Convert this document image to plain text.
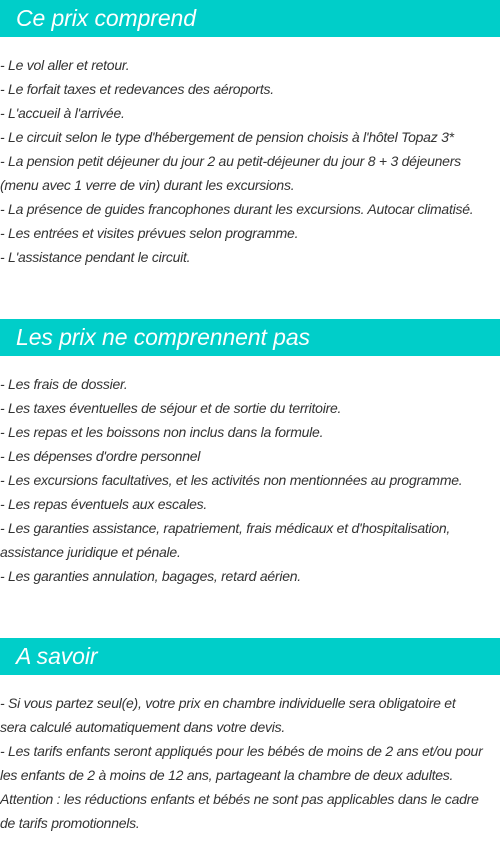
Ce prix comprend
- Le vol aller et retour.
- Le forfait taxes et redevances des aéroports.
- L'accueil à l'arrivée.
- Le circuit selon le type d'hébergement de pension choisis à l'hôtel Topaz 3*
- La pension petit déjeuner du jour 2 au petit-déjeuner du jour 8 + 3 déjeuners
(menu avec 1 verre de vin) durant les excursions.
- La présence de guides francophones durant les excursions. Autocar climatisé.
- Les entrées et visites prévues selon programme.
- L'assistance pendant le circuit.
Les prix ne comprennent pas
- Les frais de dossier.
- Les taxes éventuelles de séjour et de sortie du territoire.
- Les repas et les boissons non inclus dans la formule.
- Les dépenses d'ordre personnel
- Les excursions facultatives, et les activités non mentionnées au programme.
- Les repas éventuels aux escales.
- Les garanties assistance, rapatriement, frais médicaux et d'hospitalisation,
assistance juridique et pénale.
- Les garanties annulation, bagages, retard aérien.
A savoir
- Si vous partez seul(e), votre prix en chambre individuelle sera obligatoire et
sera calculé automatiquement dans votre devis.
- Les tarifs enfants seront appliqués pour les bébés de moins de 2 ans et/ou pour
les enfants de 2 à moins de 12 ans, partageant la chambre de deux adultes.
Attention : les réductions enfants et bébés ne sont pas applicables dans le cadre
de tarifs promotionnels.
